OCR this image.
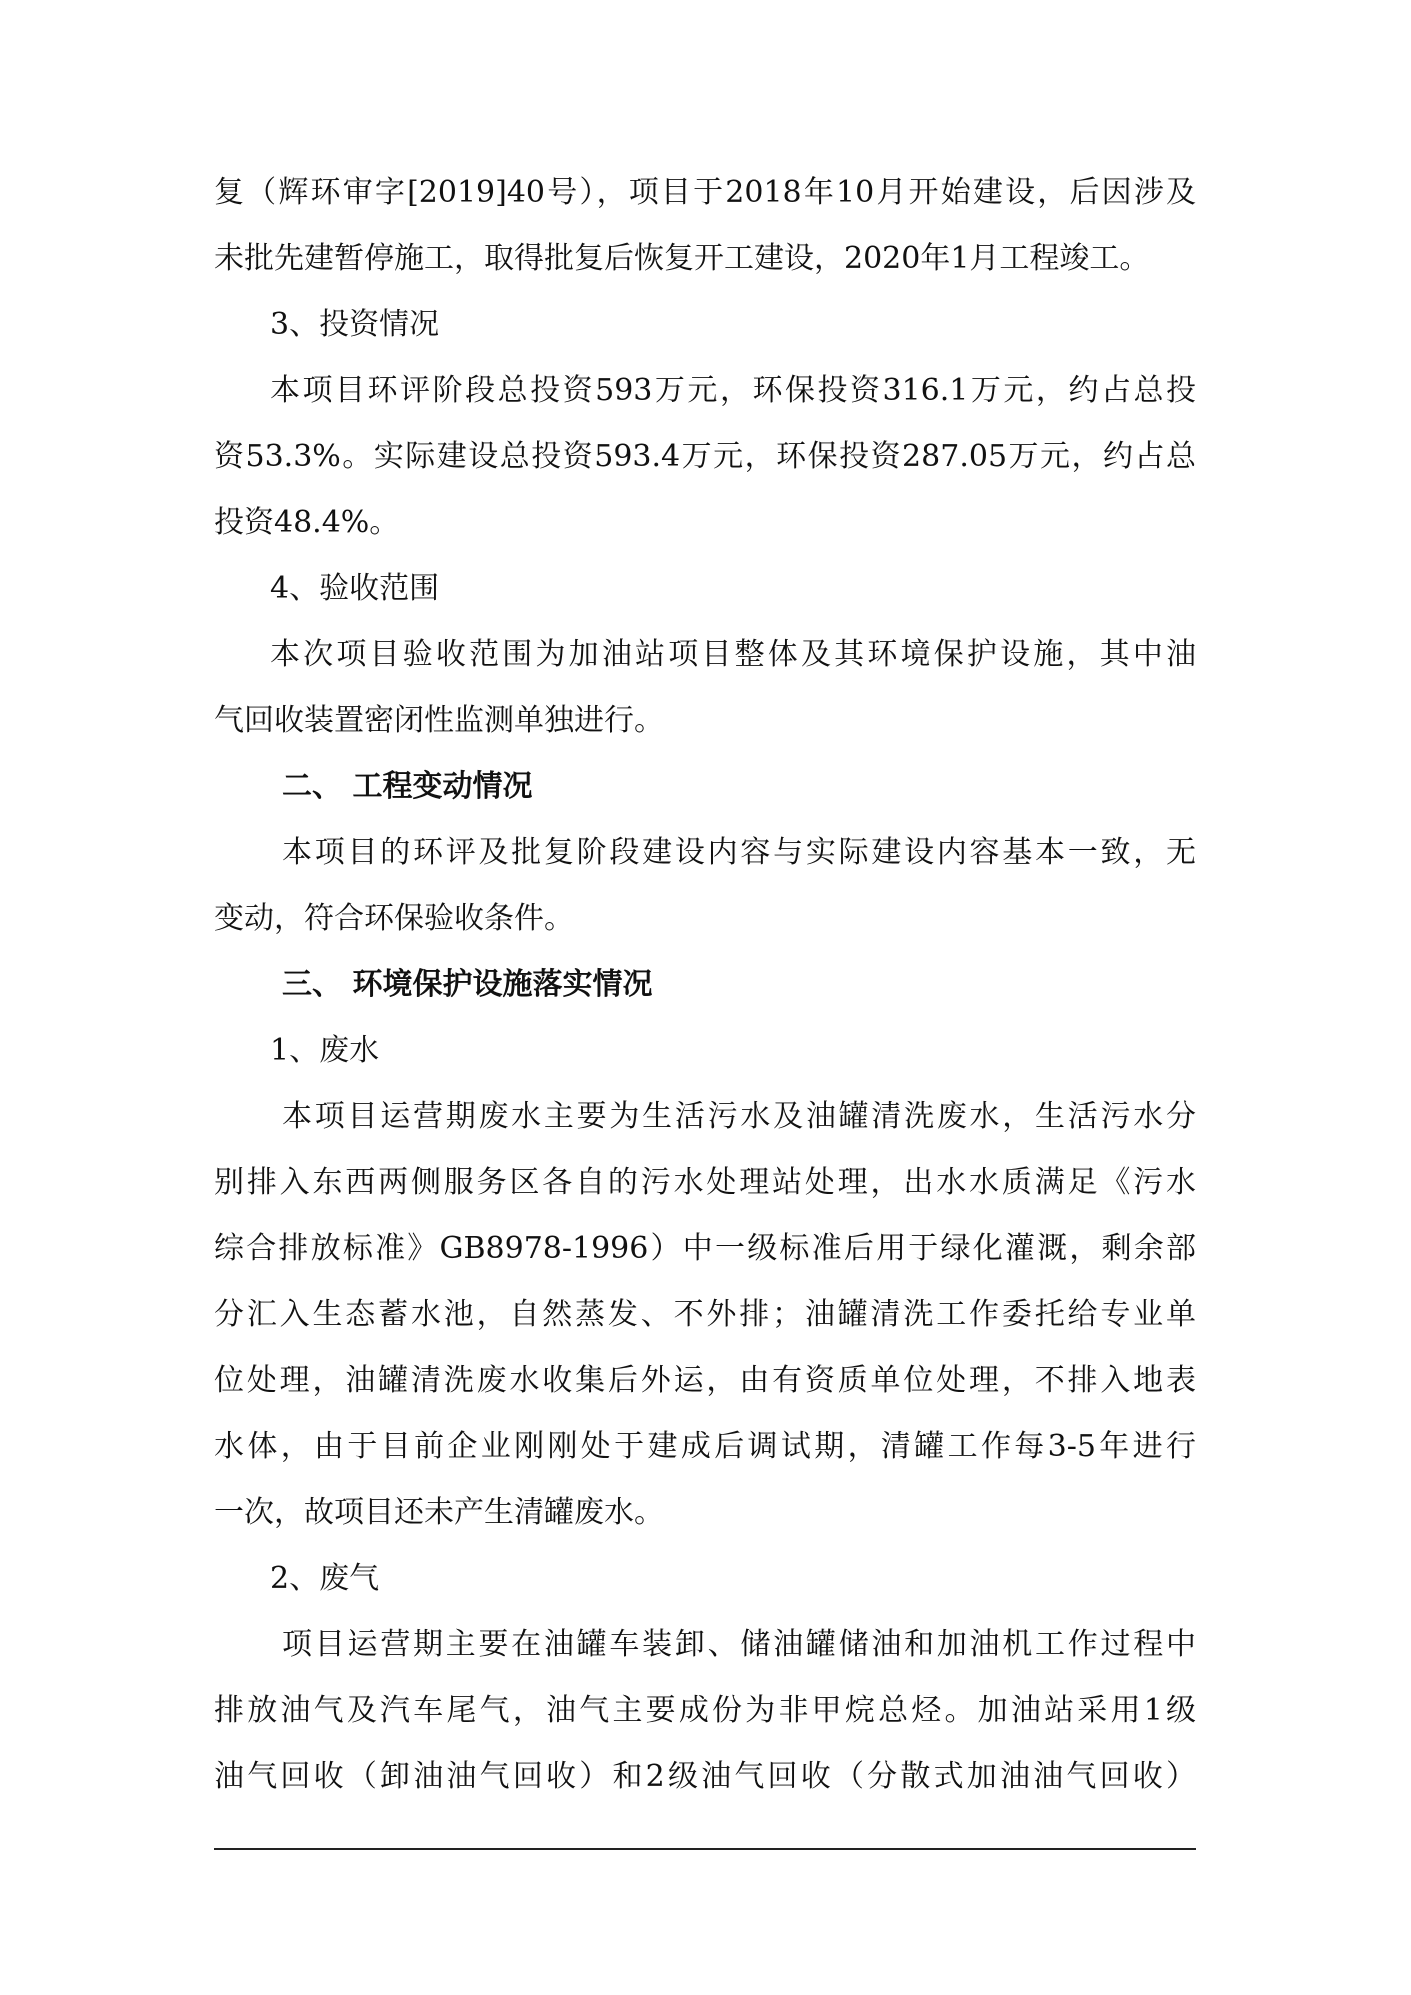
复（辉环审字[2019]40号），项目于2018年10月开始建设，后因涉及
未批先建暂停施工，取得批复后恢复开工建设，2020年1月工程竣工。
3、投资情况
本项目环评阶段总投资593万元，环保投资316.1万元，约占总投
资53.3%。实际建设总投资593.4万元，环保投资287.05万元，约占总
投资48.4%。
4、验收范围
本次项目验收范围为加油站项目整体及其环境保护设施，其中油
气回收装置密闭性监测单独进行。
二、 工程变动情况
本项目的环评及批复阶段建设内容与实际建设内容基本一致，无
变动，符合环保验收条件。
三、 环境保护设施落实情况
1、废水
本项目运营期废水主要为生活污水及油罐清洗废水，生活污水分
别排入东西两侧服务区各自的污水处理站处理，出水水质满足《污水
综合排放标准》GB8978-1996）中一级标准后用于绿化灌溉，剩余部
分汇入生态蓄水池，自然蒸发、不外排；油罐清洗工作委托给专业单
位处理，油罐清洗废水收集后外运，由有资质单位处理，不排入地表
水体，由于目前企业刚刚处于建成后调试期，清罐工作每3-5年进行
一次，故项目还未产生清罐废水。
2、废气
项目运营期主要在油罐车装卸、储油罐储油和加油机工作过程中
排放油气及汽车尾气，油气主要成份为非甲烷总烃。加油站采用1级
油气回收（卸油油气回收）和2级油气回收（分散式加油油气回收）
